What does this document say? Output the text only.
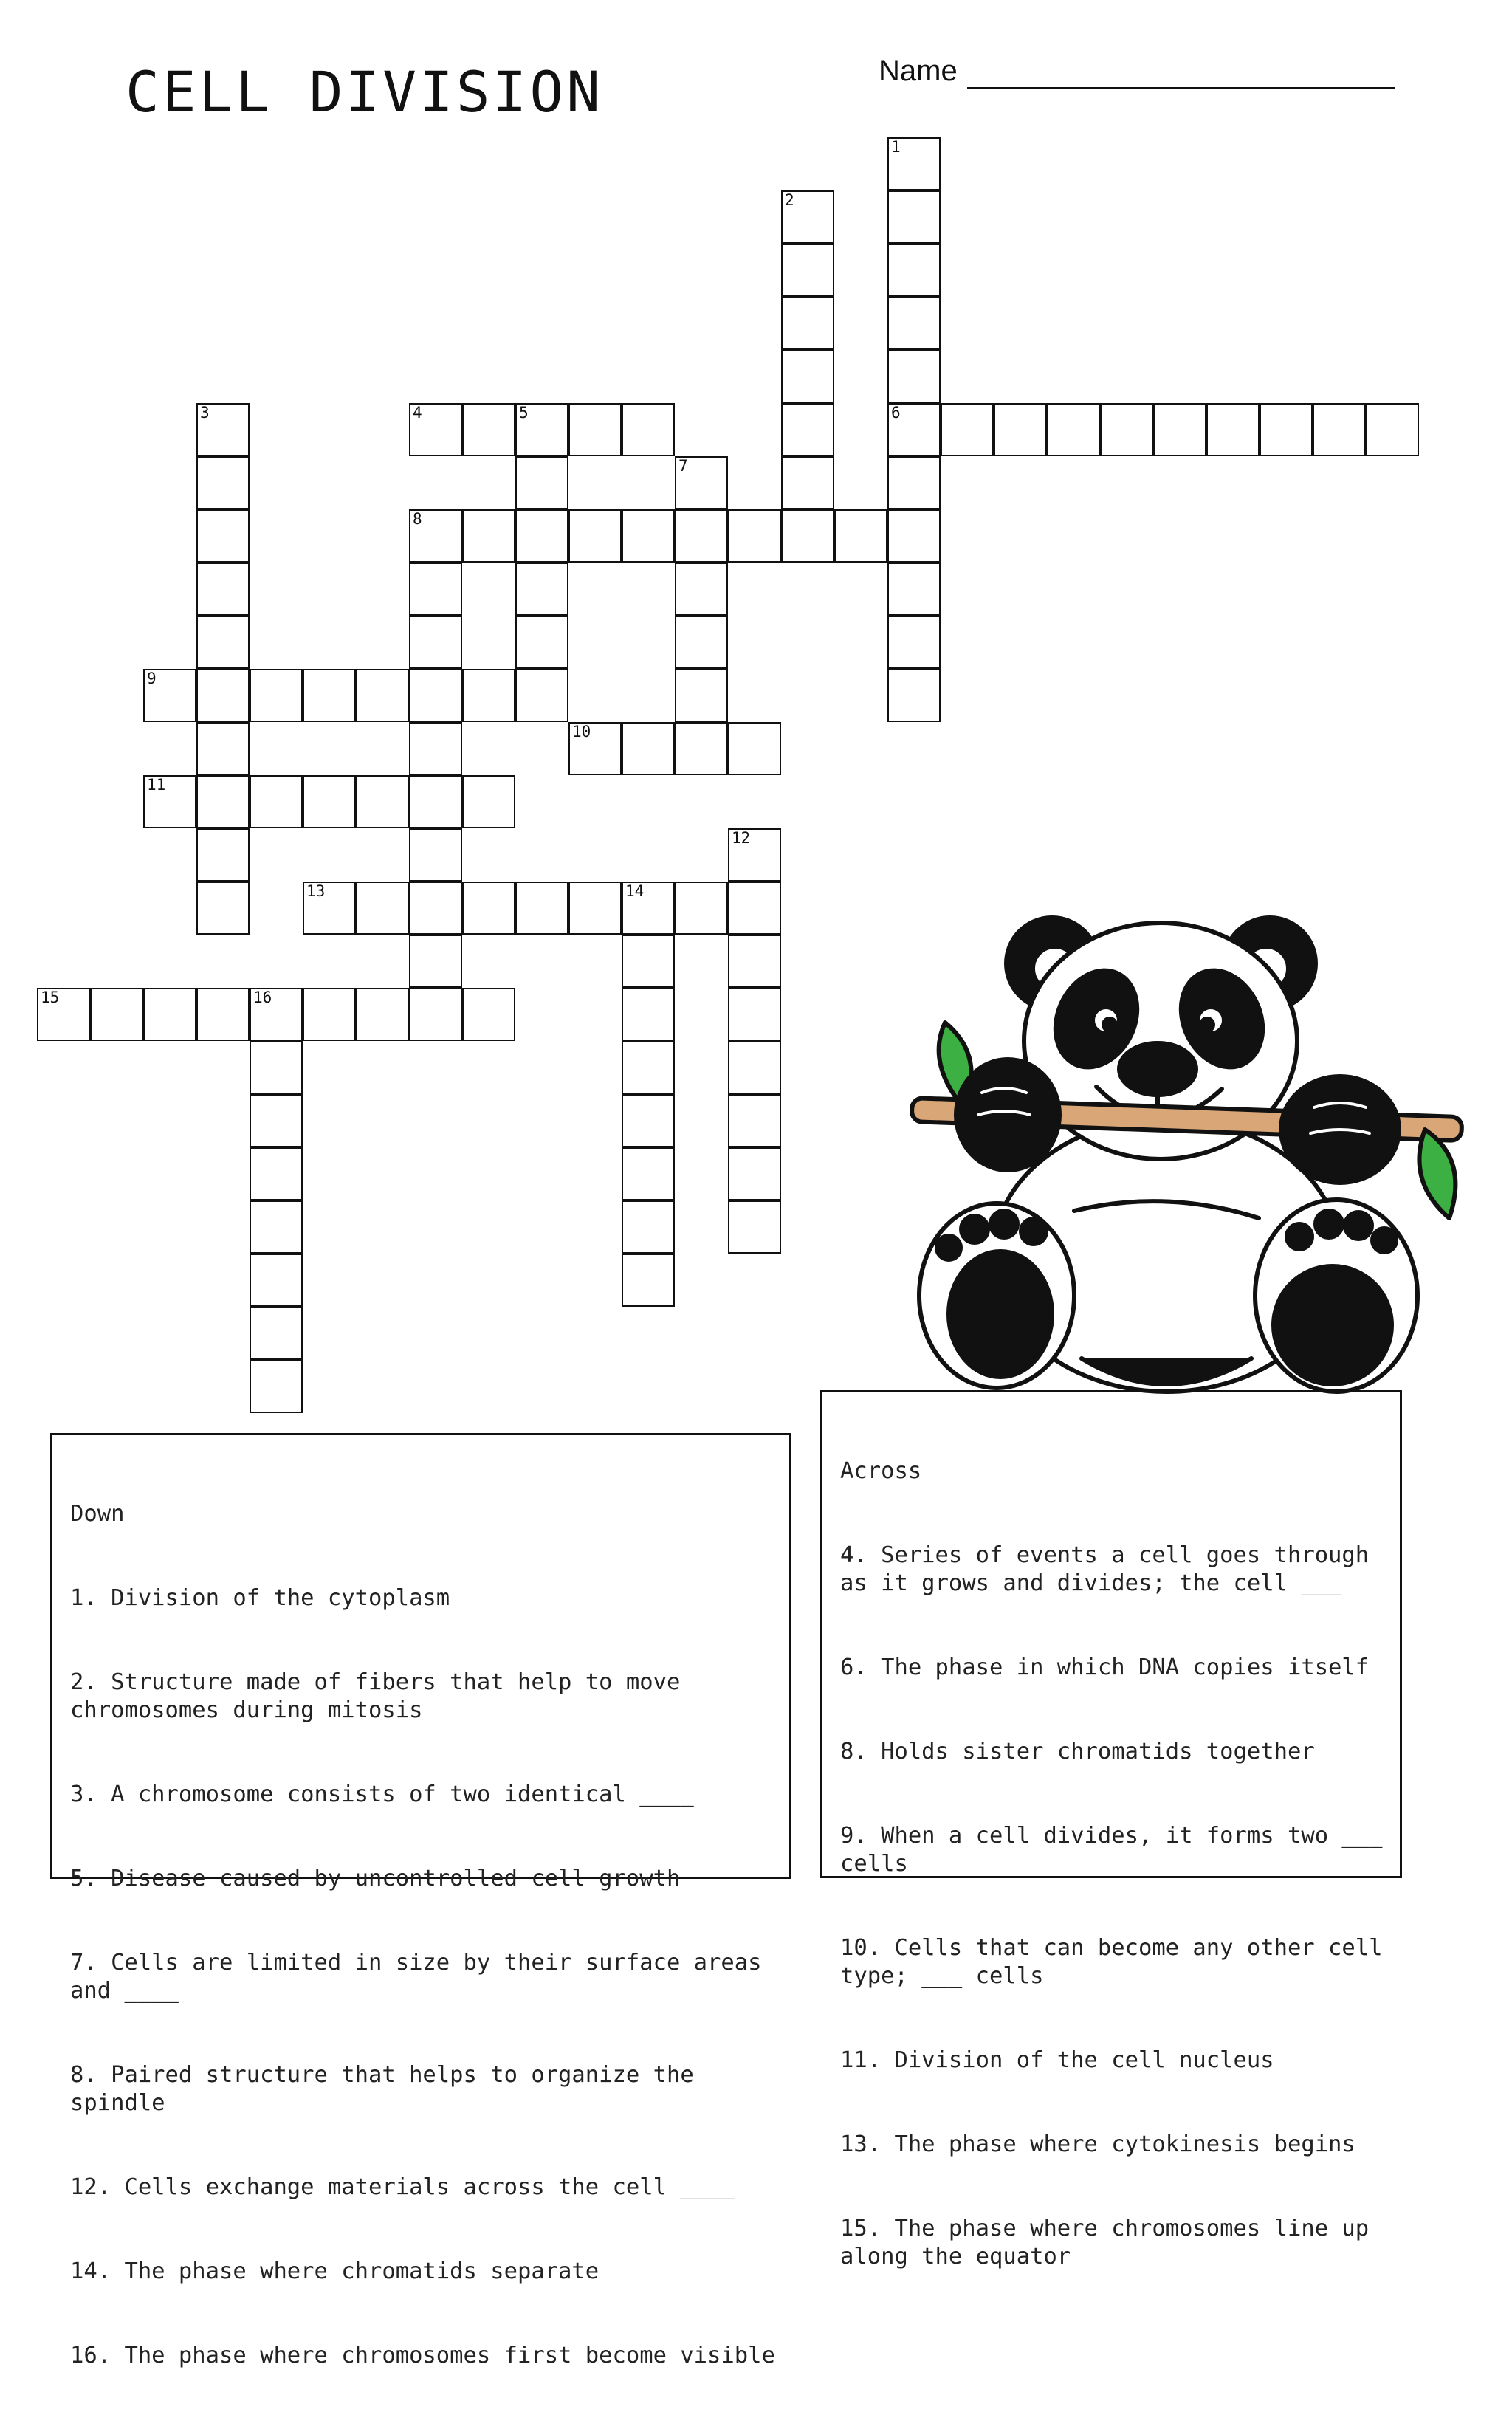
CELL DIVISION	Name
1
6
2
3	4	5
7
8
9
10
11
12
13	14
15	16

Down

1. Division of the cytoplasm

2. Structure made of fibers that help to move chromosomes during mitosis

3. A chromosome consists of two identical ____

5. Disease caused by uncontrolled cell growth

7. Cells are limited in size by their surface areas and ____

8. Paired structure that helps to organize the spindle

12. Cells exchange materials across the cell ____

14. The phase where chromatids separate

16. The phase where chromosomes first become visible

Across

4. Series of events a cell goes through as it grows and divides; the cell ___

6. The phase in which DNA copies itself

8. Holds sister chromatids together

9. When a cell divides, it forms two ___ cells

10. Cells that can become any other cell type; ___ cells

11. Division of the cell nucleus

13. The phase where cytokinesis begins

15. The phase where chromosomes line up along the equator
